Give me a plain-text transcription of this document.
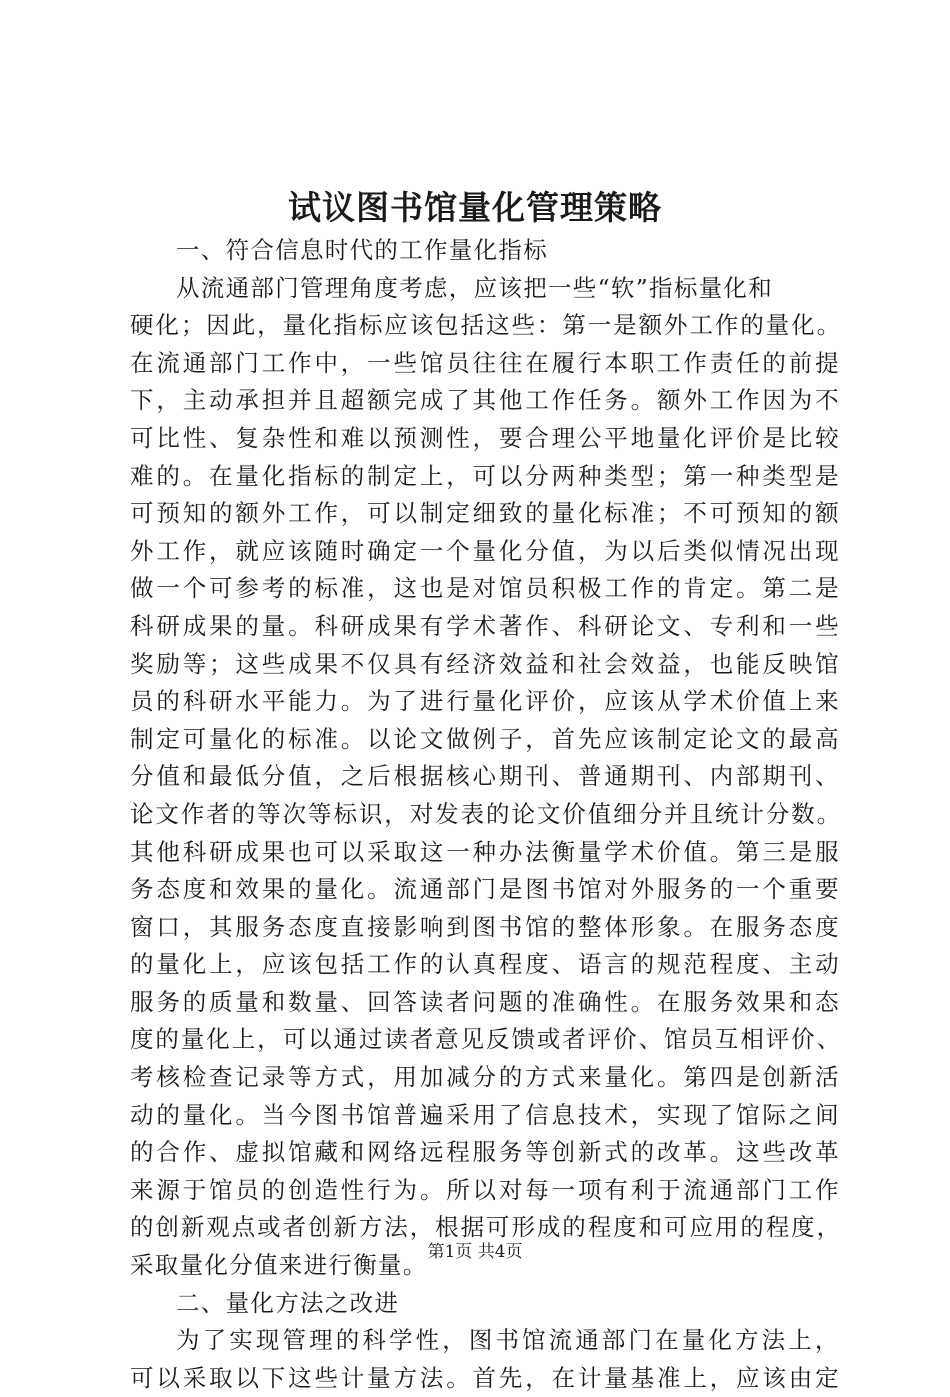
试议图书馆量化管理策略
一、符合信息时代的工作量化指标
从流通部门管理角度考虑，应该把一些“软”指标量化和
硬化；因此，量化指标应该包括这些：第一是额外工作的量化。
在流通部门工作中，一些馆员往往在履行本职工作责任的前提
下，主动承担并且超额完成了其他工作任务。额外工作因为不
可比性、复杂性和难以预测性，要合理公平地量化评价是比较
难的。在量化指标的制定上，可以分两种类型；第一种类型是
可预知的额外工作，可以制定细致的量化标准；不可预知的额
外工作，就应该随时确定一个量化分值，为以后类似情况出现
做一个可参考的标准，这也是对馆员积极工作的肯定。第二是
科研成果的量。科研成果有学术著作、科研论文、专利和一些
奖励等；这些成果不仅具有经济效益和社会效益，也能反映馆
员的科研水平能力。为了进行量化评价，应该从学术价值上来
制定可量化的标准。以论文做例子，首先应该制定论文的最高
分值和最低分值，之后根据核心期刊、普通期刊、内部期刊、
论文作者的等次等标识，对发表的论文价值细分并且统计分数。
其他科研成果也可以采取这一种办法衡量学术价值。第三是服
务态度和效果的量化。流通部门是图书馆对外服务的一个重要
窗口，其服务态度直接影响到图书馆的整体形象。在服务态度
的量化上，应该包括工作的认真程度、语言的规范程度、主动
服务的质量和数量、回答读者问题的准确性。在服务效果和态
度的量化上，可以通过读者意见反馈或者评价、馆员互相评价、
考核检查记录等方式，用加减分的方式来量化。第四是创新活
动的量化。当今图书馆普遍采用了信息技术，实现了馆际之间
的合作、虚拟馆藏和网络远程服务等创新式的改革。这些改革
来源于馆员的创造性行为。所以对每一项有利于流通部门工作
的创新观点或者创新方法，根据可形成的程度和可应用的程度，
采取量化分值来进行衡量。
二、量化方法之改进
为了实现管理的科学性，图书馆流通部门在量化方法上，
可以采取以下这些计量方法。首先，在计量基准上，应该由定
第1页 共4页
